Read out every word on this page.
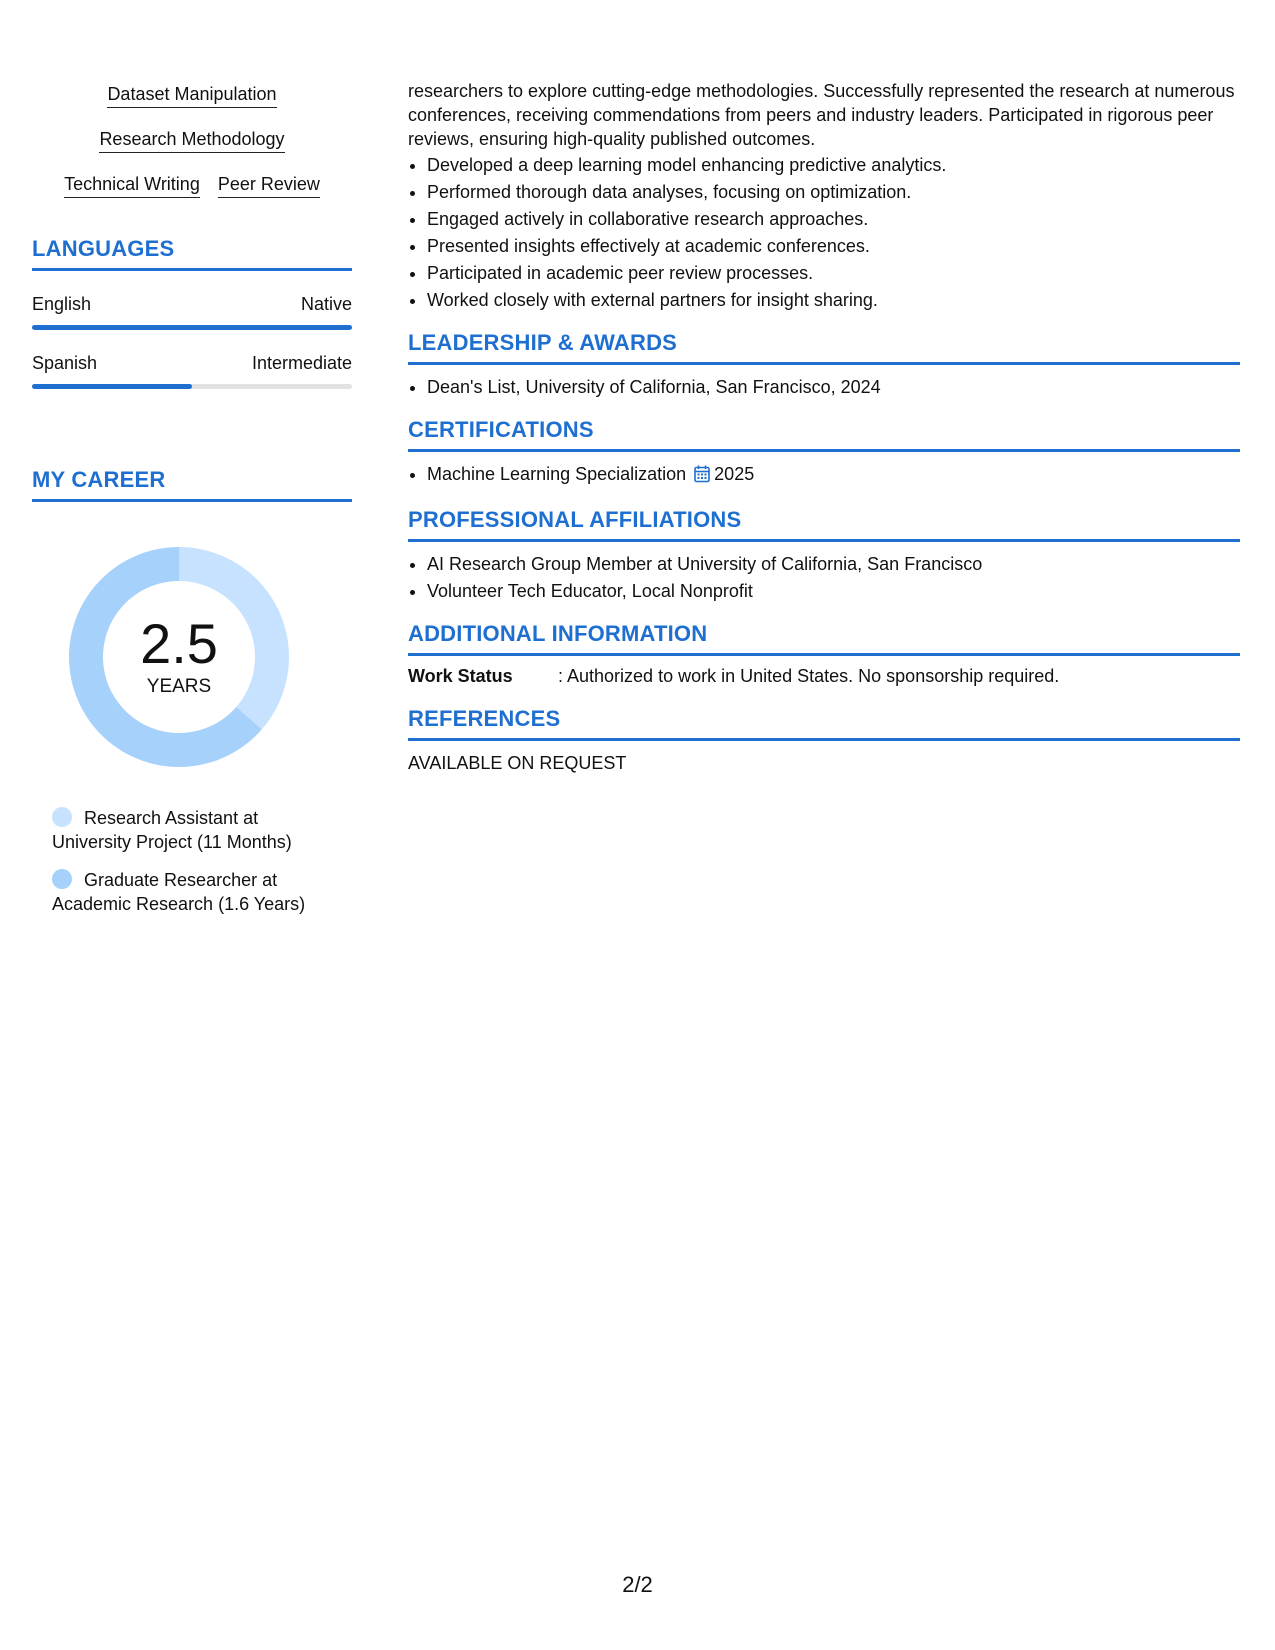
Dataset Manipulation
Research Methodology
Technical Writing Peer Review
LANGUAGES
English	Native
Spanish	Intermediate
MY CAREER
2.5
YEARS
Research Assistant at University Project (11 Months)
Graduate Researcher at Academic Research (1.6 Years)

researchers to explore cutting-edge methodologies. Successfully represented the research at numerous conferences, receiving commendations from peers and industry leaders. Participated in rigorous peer reviews, ensuring high-quality published outcomes.

• Developed a deep learning model enhancing predictive analytics.
• Performed thorough data analyses, focusing on optimization.
• Engaged actively in collaborative research approaches.
• Presented insights effectively at academic conferences.
• Participated in academic peer review processes.
• Worked closely with external partners for insight sharing.
LEADERSHIP & AWARDS
• Dean's List, University of California, San Francisco, 2024
CERTIFICATIONS
• Machine Learning Specialization 2025
PROFESSIONAL AFFILIATIONS
• AI Research Group Member at University of California, San Francisco
• Volunteer Tech Educator, Local Nonprofit
ADDITIONAL INFORMATION
Work Status	: Authorized to work in United States. No sponsorship required.
REFERENCES
AVAILABLE ON REQUEST
2/2
